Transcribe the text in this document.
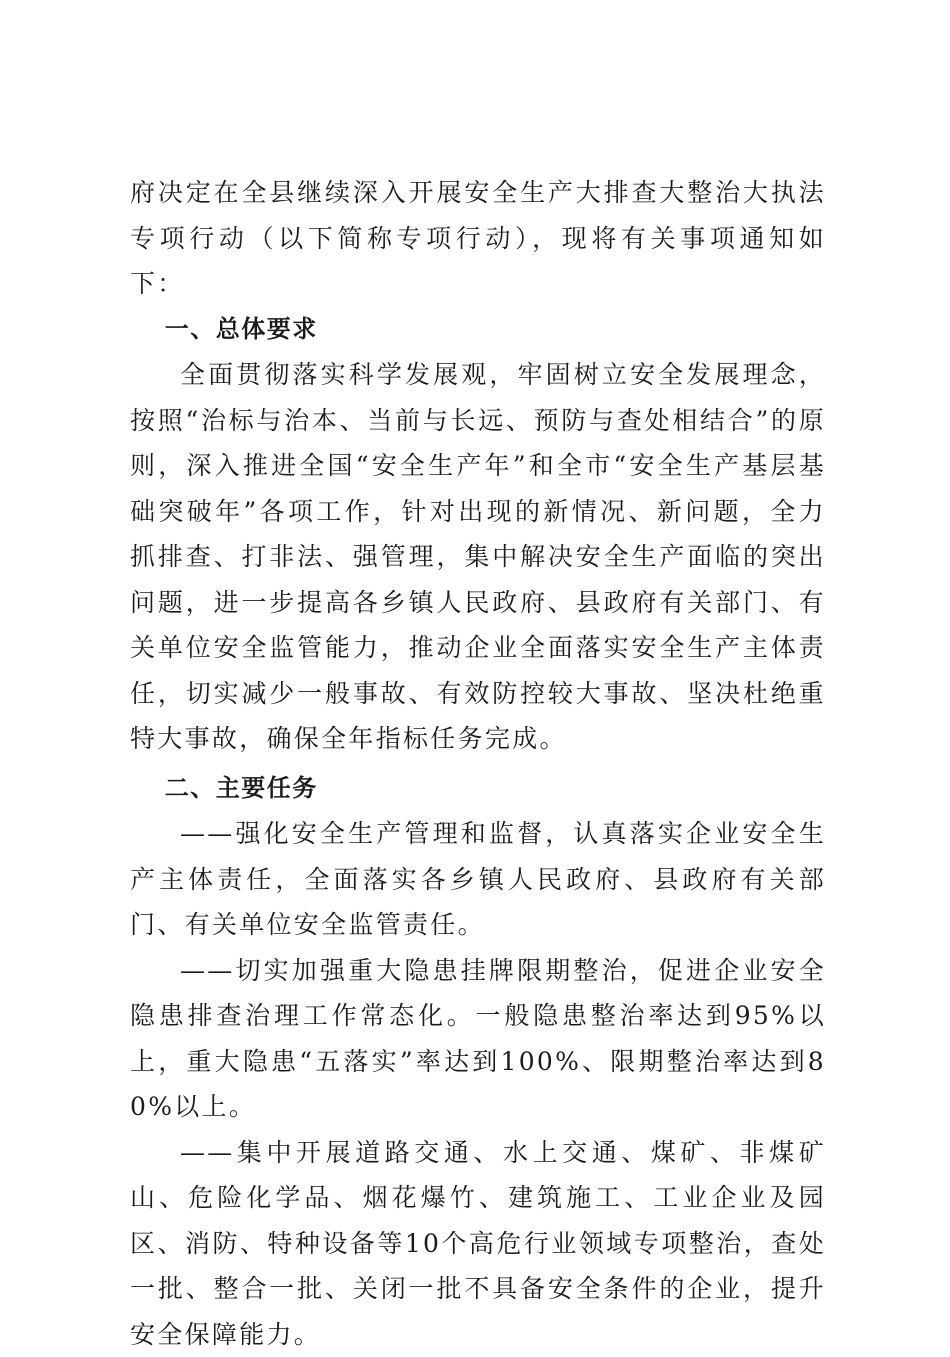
府决定在全县继续深入开展安全生产大排查大整治大执法专项行动（以下简称专项行动），现将有关事项通知如下：

一、总体要求

全面贯彻落实科学发展观，牢固树立安全发展理念，按照“治标与治本、当前与长远、预防与查处相结合”的原则，深入推进全国“安全生产年”和全市“安全生产基层基础突破年”各项工作，针对出现的新情况、新问题，全力抓排查、打非法、强管理，集中解决安全生产面临的突出问题，进一步提高各乡镇人民政府、县政府有关部门、有关单位安全监管能力，推动企业全面落实安全生产主体责任，切实减少一般事故、有效防控较大事故、坚决杜绝重特大事故，确保全年指标任务完成。

二、主要任务

——强化安全生产管理和监督，认真落实企业安全生产主体责任，全面落实各乡镇人民政府、县政府有关部门、有关单位安全监管责任。

——切实加强重大隐患挂牌限期整治，促进企业安全隐患排查治理工作常态化。一般隐患整治率达到95%以上，重大隐患“五落实”率达到100%、限期整治率达到80%以上。

——集中开展道路交通、水上交通、煤矿、非煤矿山、危险化学品、烟花爆竹、建筑施工、工业企业及园区、消防、特种设备等10个高危行业领域专项整治，查处一批、整合一批、关闭一批不具备安全条件的企业，提升安全保障能力。
